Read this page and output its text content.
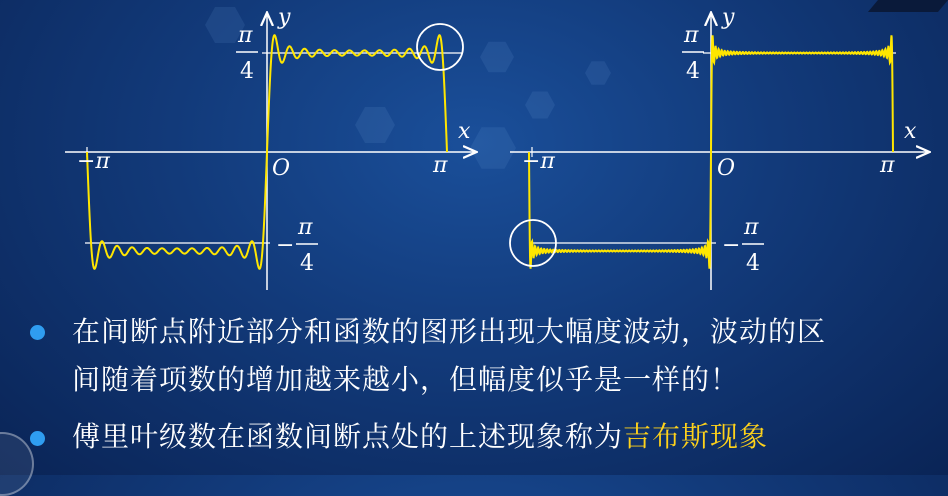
y
x
π
4
−π	π
O
−
π
4
y
x
π
4
−π	π
O
−
π
4
在间断点附近部分和函数的图形出现大幅度波动，波动的区
间随着项数的增加越来越小，但幅度似乎是一样的！
傅里叶级数在函数间断点处的上述现象称为吉布斯现象
